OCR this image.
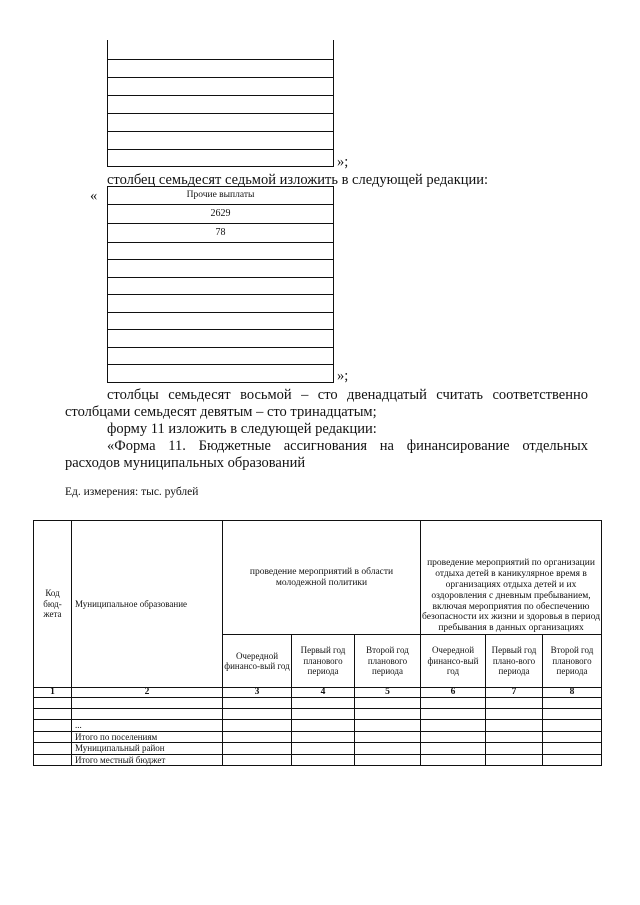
»;
столбец семьдесят седьмой изложить в следующей редакции:
«	Прочие выплаты
2629
78
»;
столбцы семьдесят восьмой – сто двенадцатый считать соответственно
столбцами семьдесят девятым – сто тринадцатым;
форму 11 изложить в следующей редакции:
«Форма 11. Бюджетные ассигнования на финансирование отдельных
расходов муниципальных образований
Ед. измерения: тыс. рублей
Код бюд-жета	Муниципальное образование	проведение мероприятий в области молодежной политики			проведение мероприятий по организации отдыха детей в каникулярное время в организациях отдыха детей и их оздоровления с дневным пребыванием, включая мероприятия по обеспечению безопасности их жизни и здоровья в период пребывания в данных организациях		
		Очередной финансо-вый год	Первый год планового периода	Второй год планового периода	Очередной финансо-вый год	Первый год плано-вого периода	Второй год планового периода
1	2	3	4	5	6	7	8

	...						
	Итого по поселениям						
	Муниципальный район						
	Итого местный бюджет						
